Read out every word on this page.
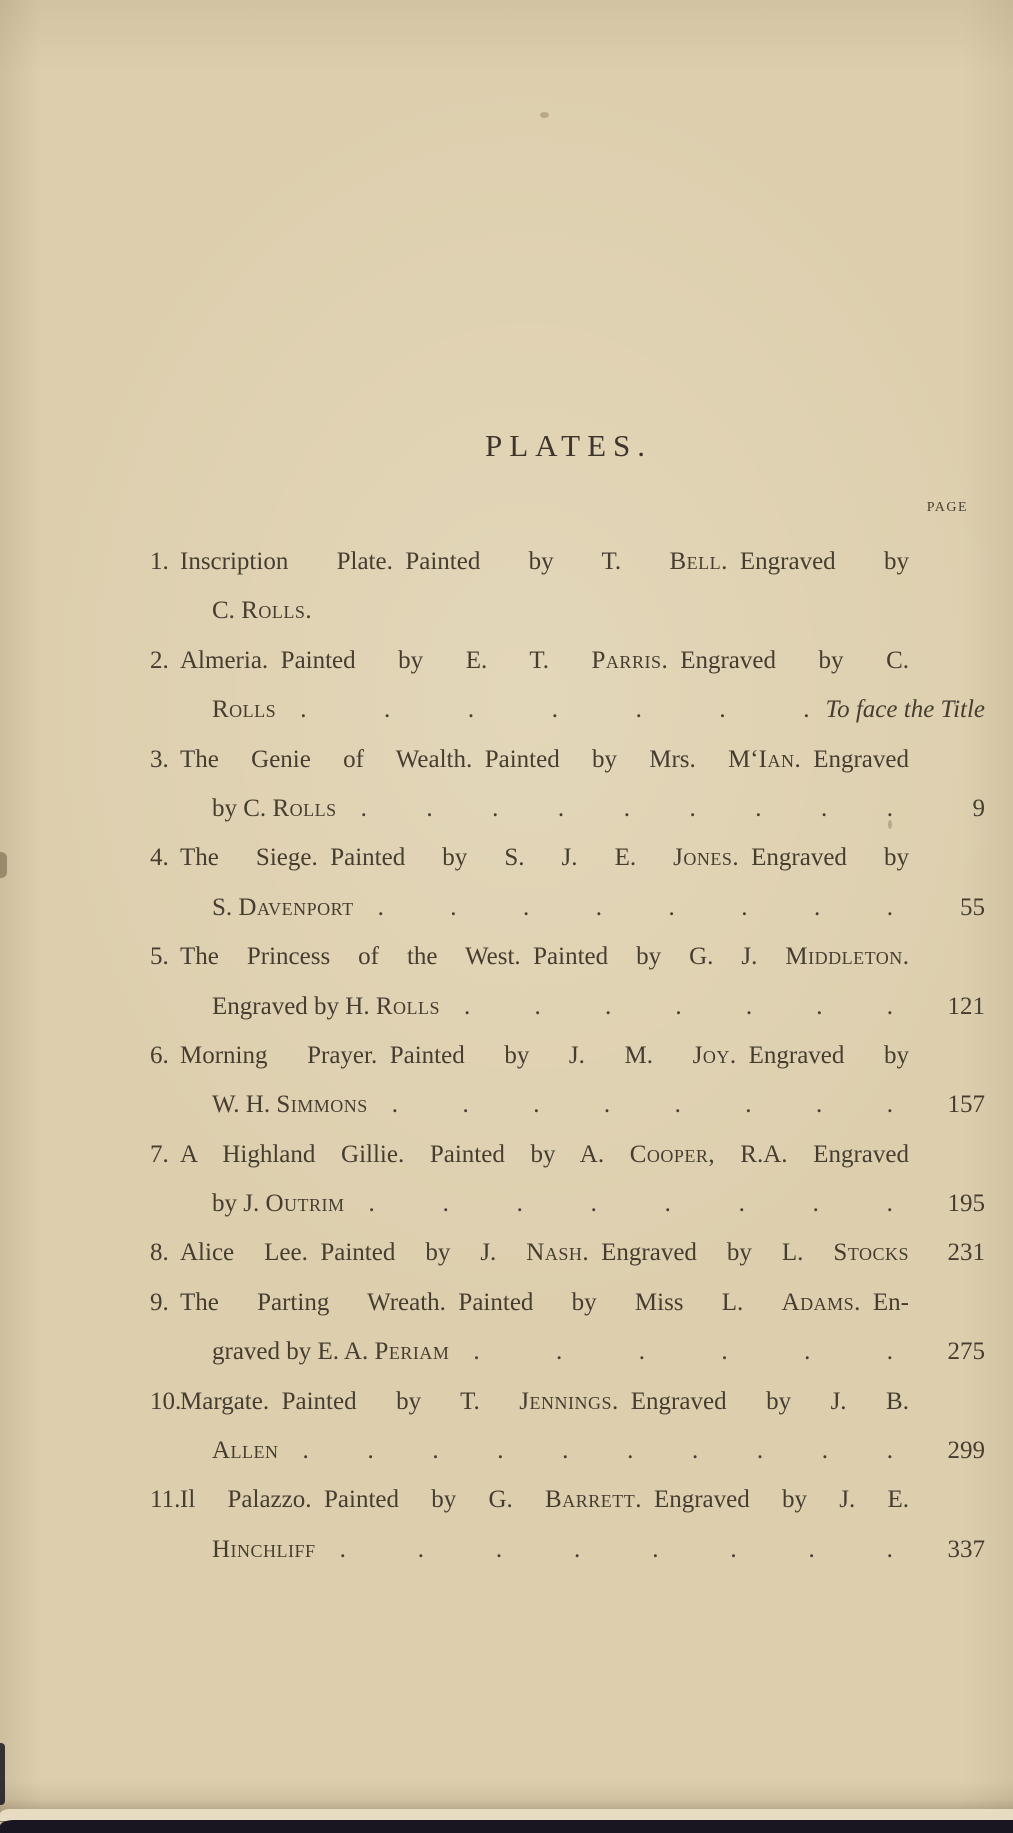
PLATES.
PAGE
1. Inscription Plate. Painted by T. Bell. Engraved by
C. Rolls.
2. Almeria. Painted by E. T. Parris. Engraved by C.
Rolls .	.	.	.	.	.	. To face the Title
3. The Genie of Wealth. Painted by Mrs. M‘Ian. Engraved
by C. Rolls . . . . . . . . .	9
4. The Siege. Painted by S. J. E. Jones. Engraved by
S. Davenport .	.	.	.	.	.	.	.	55
5. The Princess of the West. Painted by G. J. Middleton.
Engraved by H. Rolls .	.	.	.	.	.	.	121
6. Morning Prayer. Painted by J. M. Joy. Engraved by
W. H. Simmons .	.	.	.	.	.	.	.	157
7. A Highland Gillie. Painted by A. Cooper, R.A. Engraved
by J. Outrim .	.	.	.	.	.	.	.	195
8. Alice Lee. Painted by J. Nash. Engraved by L. Stocks	231
9. The Parting Wreath. Painted by Miss L. Adams. En-
graved by E. A. Periam .	.	.	.	.	.	275
10.
Margate. Painted by T. Jennings. Engraved by J. B.
Allen . . . . . . . . . .	299
11. Il Palazzo. Painted by G. Barrett. Engraved by J. E.
Hinchliff .	.	.	.	.	.	.	.	337
